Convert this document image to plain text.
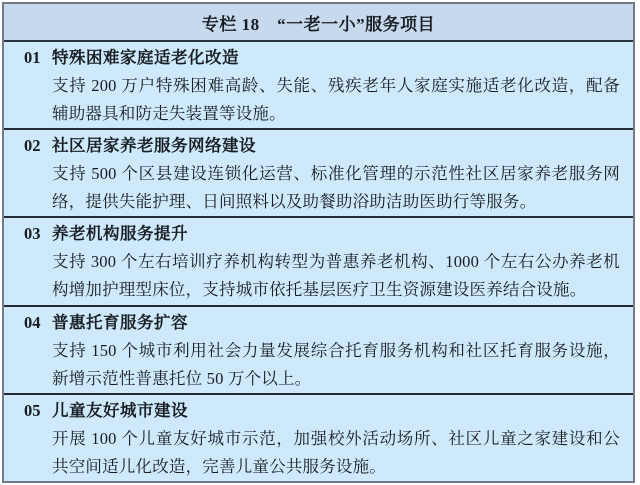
专栏 18　“一老一小”服务项目
01 特殊困难家庭适老化改造
支持 200 万户特殊困难高龄、失能、残疾老年人家庭实施适老化改造，配备辅助器具和防走失装置等设施。
02 社区居家养老服务网络建设
支持 500 个区县建设连锁化运营、标准化管理的示范性社区居家养老服务网络，提供失能护理、日间照料以及助餐助浴助洁助医助行等服务。
03 养老机构服务提升
支持 300 个左右培训疗养机构转型为普惠养老机构、1000 个左右公办养老机构增加护理型床位，支持城市依托基层医疗卫生资源建设医养结合设施。
04 普惠托育服务扩容
支持 150 个城市利用社会力量发展综合托育服务机构和社区托育服务设施，新增示范性普惠托位 50 万个以上。
05 儿童友好城市建设
开展 100 个儿童友好城市示范，加强校外活动场所、社区儿童之家建设和公共空间适儿化改造，完善儿童公共服务设施。
